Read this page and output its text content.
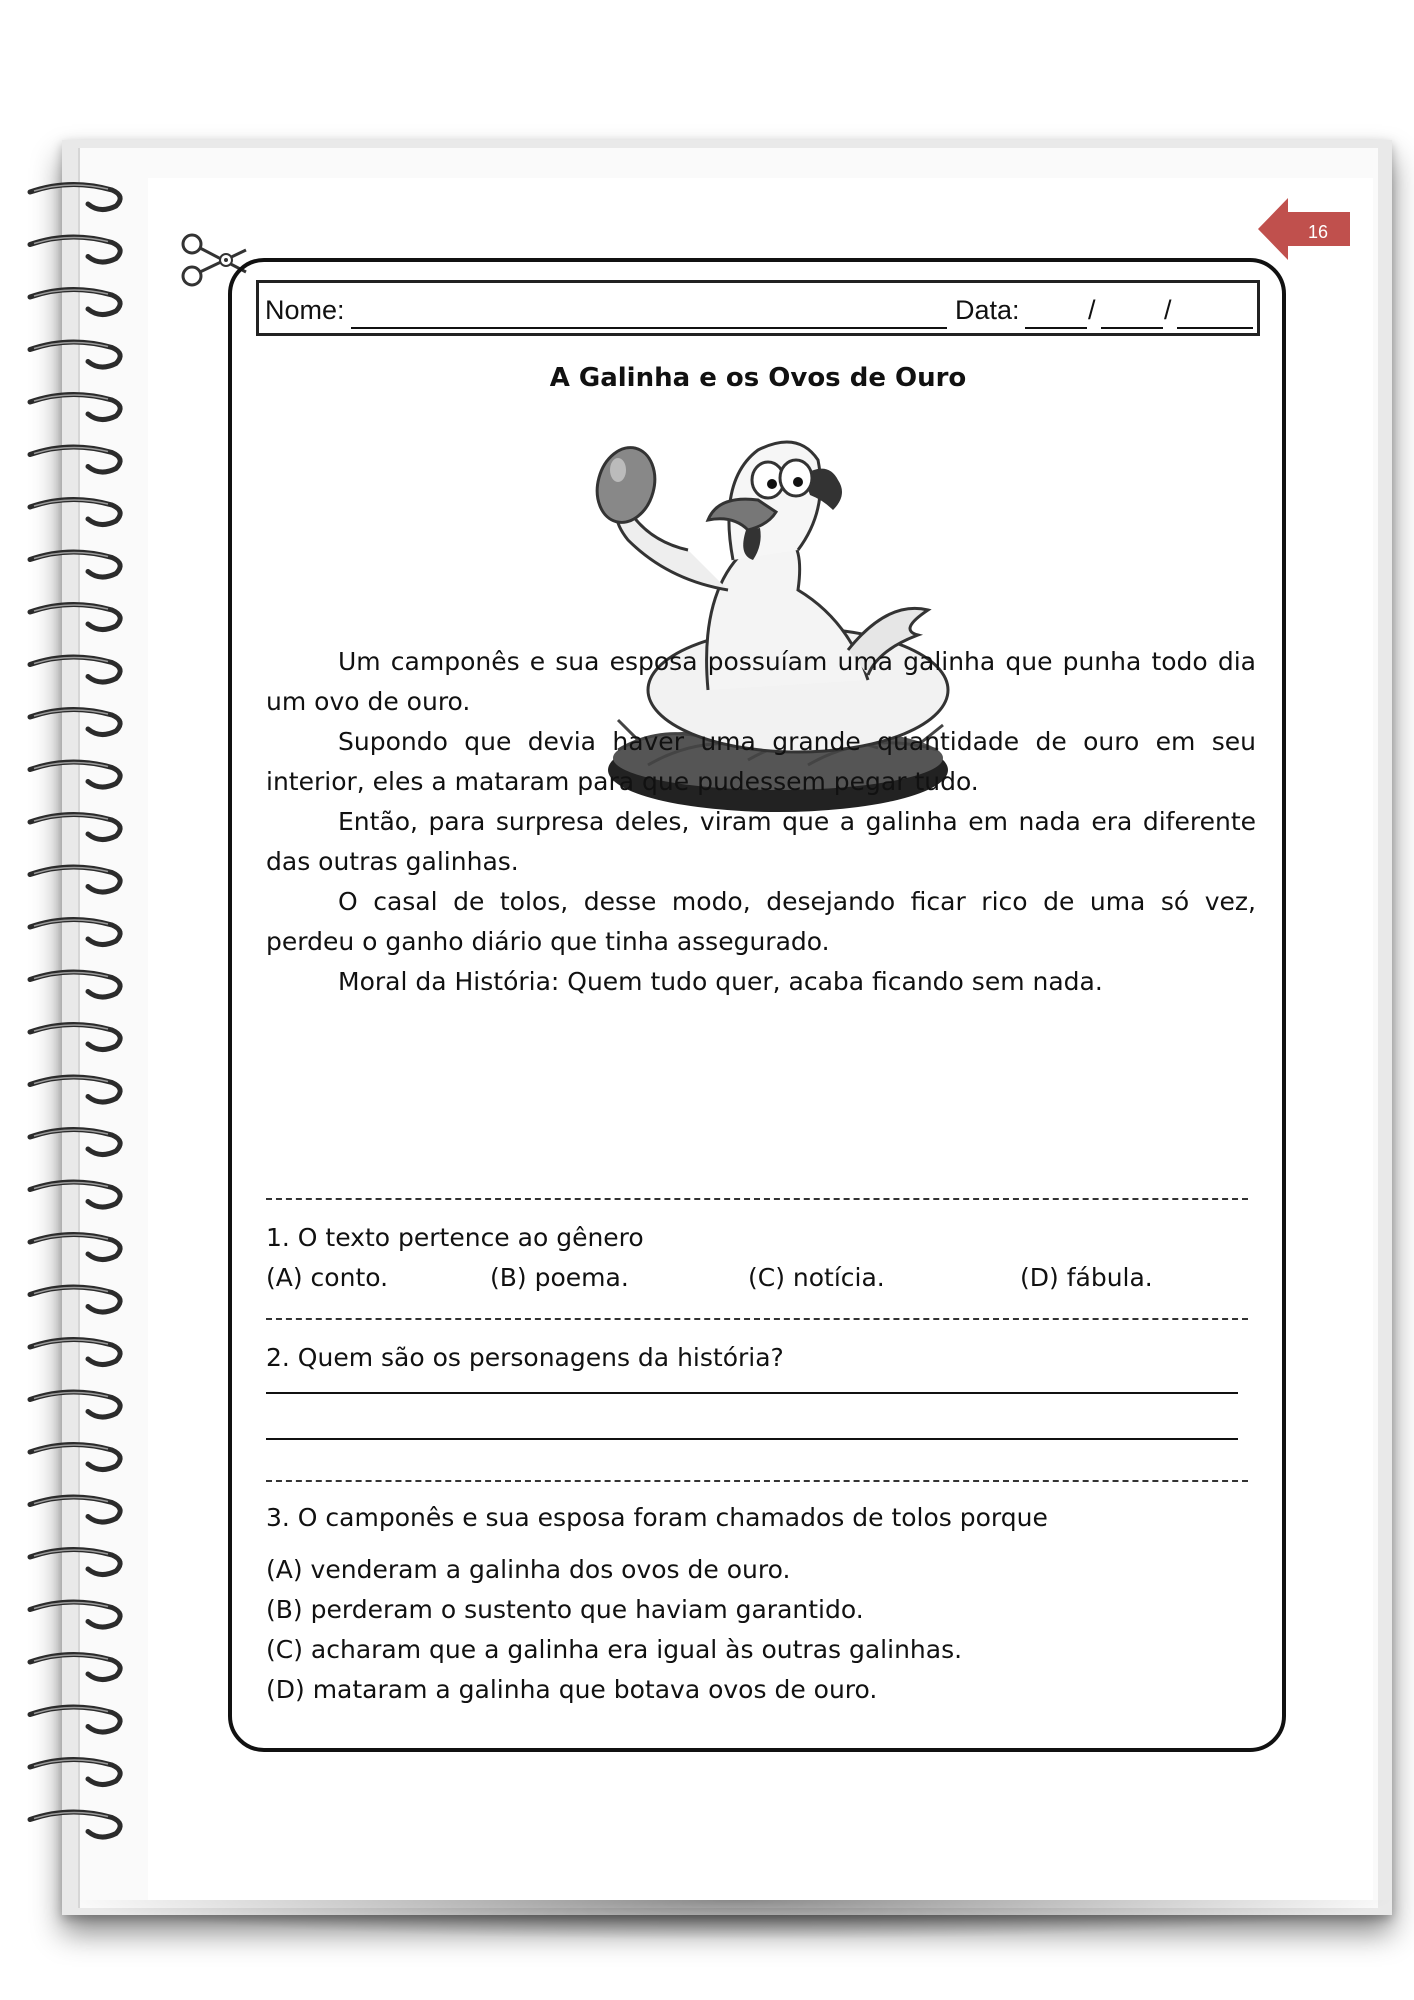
16
Nome:	Data:	/	/
A Galinha e os Ovos de Ouro
Um camponês e sua esposa possuíam uma galinha que punha todo dia um ovo de ouro.
Supondo que devia haver uma grande quantidade de ouro em seu interior, eles a mataram para que pudessem pegar tudo.
Então, para surpresa deles, viram que a galinha em nada era diferente das outras galinhas.
O casal de tolos, desse modo, desejando ficar rico de uma só vez, perdeu o ganho diário que tinha assegurado.
Moral da História: Quem tudo quer, acaba ficando sem nada.
1. O texto pertence ao gênero
(A) conto.	(B) poema.	(C) notícia.	(D) fábula.
2. Quem são os personagens da história?
3. O camponês e sua esposa foram chamados de tolos porque
(A) venderam a galinha dos ovos de ouro.
(B) perderam o sustento que haviam garantido.
(C) acharam que a galinha era igual às outras galinhas.
(D) mataram a galinha que botava ovos de ouro.
